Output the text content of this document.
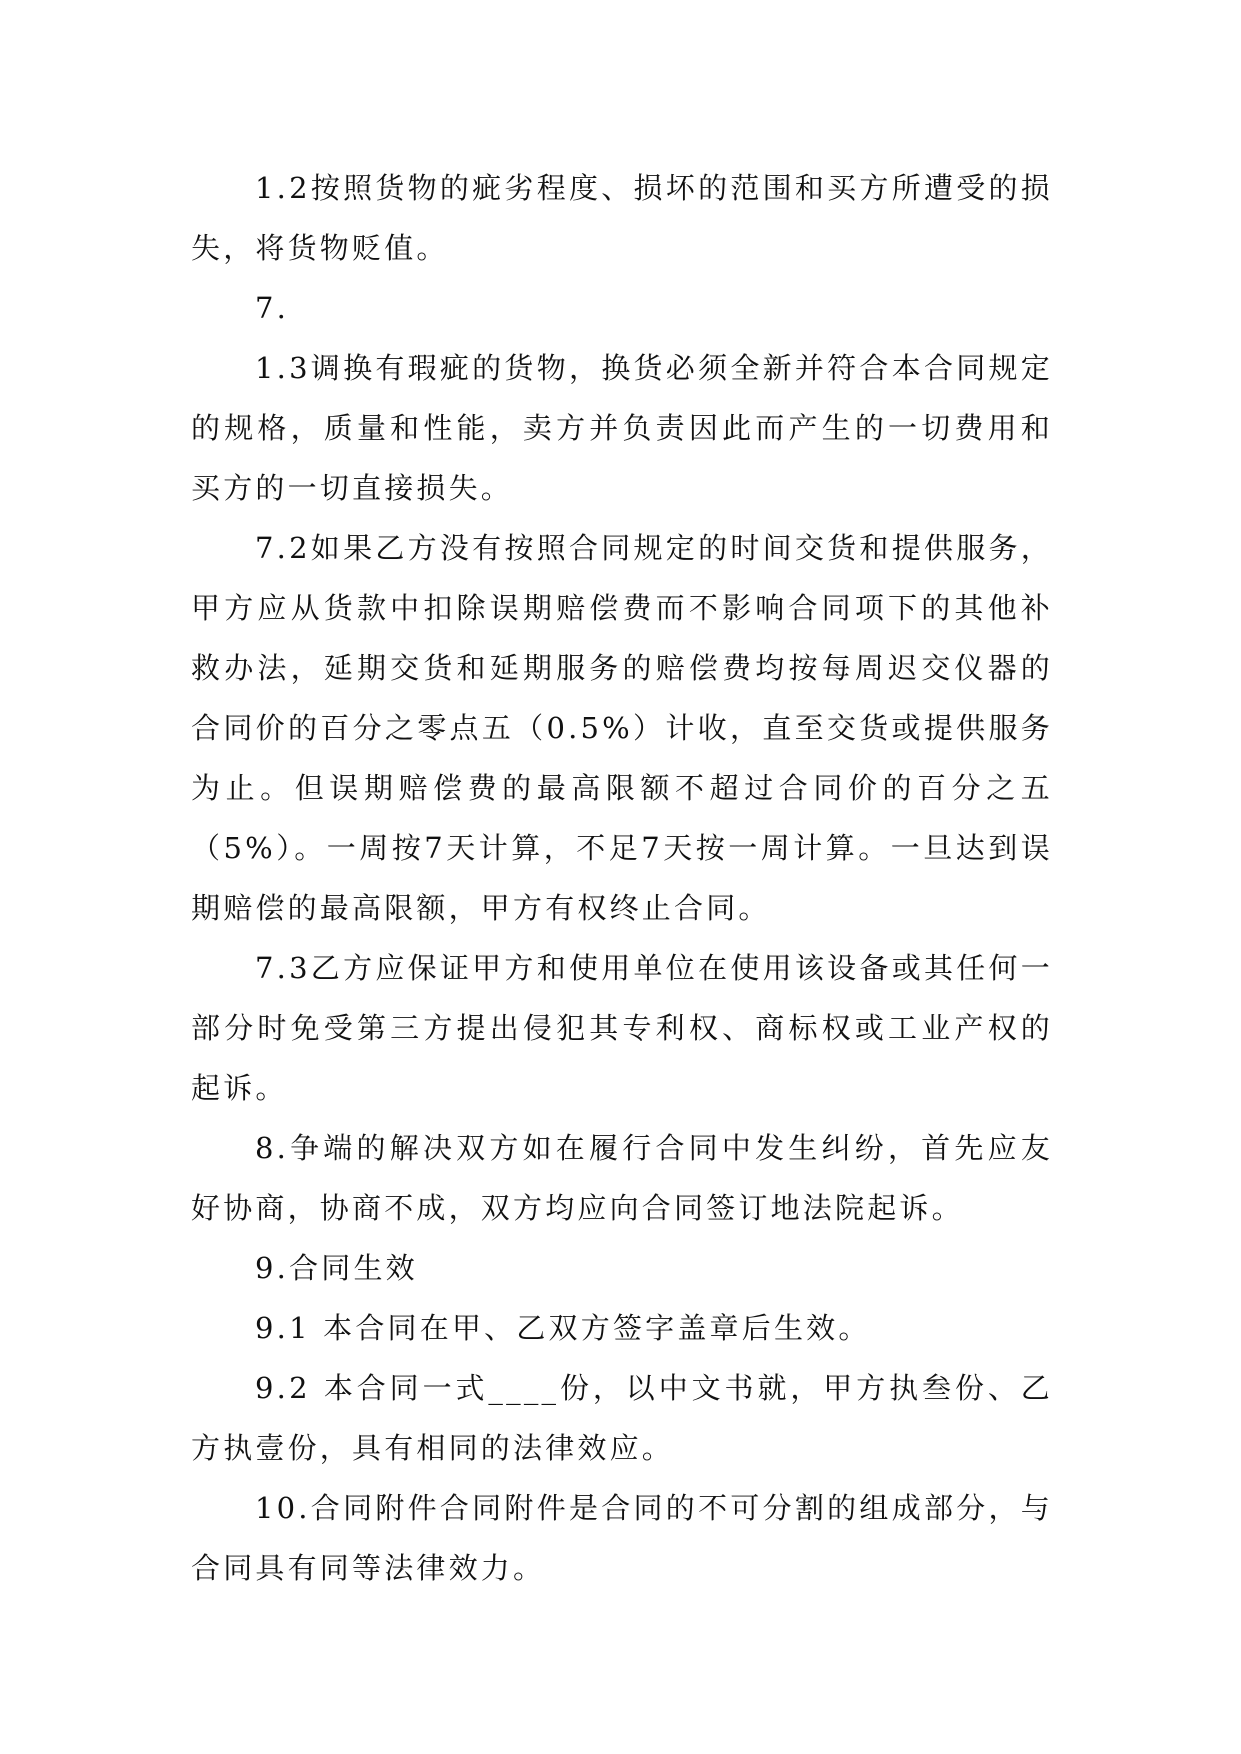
1.2按照货物的疵劣程度、损坏的范围和买方所遭受的损失，将货物贬值。

7.

1.3调换有瑕疵的货物，换货必须全新并符合本合同规定的规格，质量和性能，卖方并负责因此而产生的一切费用和买方的一切直接损失。

7.2如果乙方没有按照合同规定的时间交货和提供服务，甲方应从货款中扣除误期赔偿费而不影响合同项下的其他补救办法，延期交货和延期服务的赔偿费均按每周迟交仪器的合同价的百分之零点五（0.5%）计收，直至交货或提供服务为止。但误期赔偿费的最高限额不超过合同价的百分之五（5%）。一周按7天计算，不足7天按一周计算。一旦达到误期赔偿的最高限额，甲方有权终止合同。

7.3乙方应保证甲方和使用单位在使用该设备或其任何一部分时免受第三方提出侵犯其专利权、商标权或工业产权的起诉。

8.争端的解决双方如在履行合同中发生纠纷，首先应友好协商，协商不成，双方均应向合同签订地法院起诉。

9.合同生效

9.1 本合同在甲、乙双方签字盖章后生效。

9.2 本合同一式____份，以中文书就，甲方执叁份、乙方执壹份，具有相同的法律效应。

10.合同附件合同附件是合同的不可分割的组成部分，与合同具有同等法律效力。
